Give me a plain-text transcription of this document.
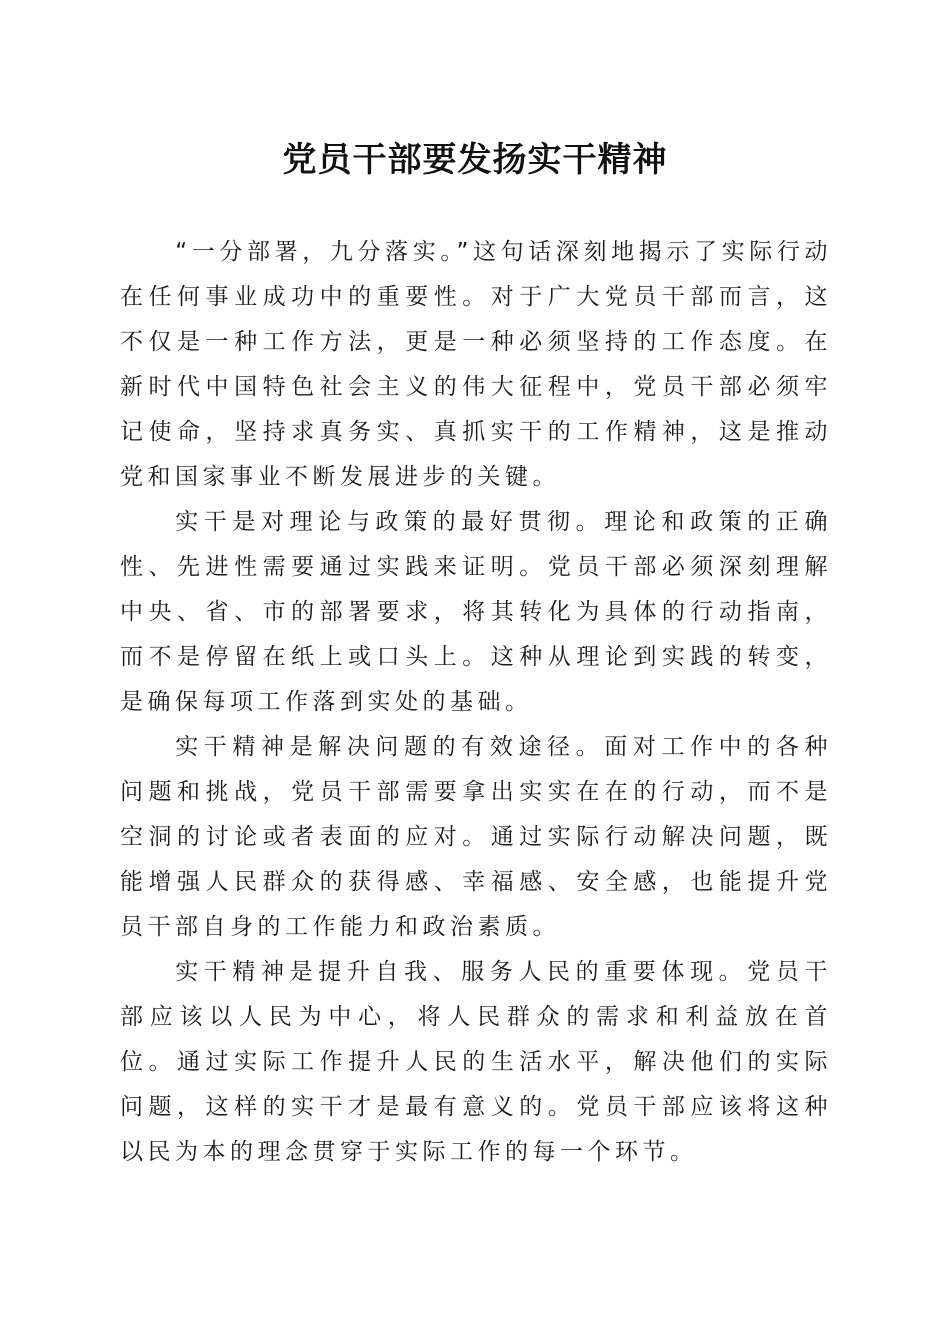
党员干部要发扬实干精神

“一分部署，九分落实。”这句话深刻地揭示了实际行动在任何事业成功中的重要性。对于广大党员干部而言，这不仅是一种工作方法，更是一种必须坚持的工作态度。在新时代中国特色社会主义的伟大征程中，党员干部必须牢记使命，坚持求真务实、真抓实干的工作精神，这是推动党和国家事业不断发展进步的关键。

实干是对理论与政策的最好贯彻。理论和政策的正确性、先进性需要通过实践来证明。党员干部必须深刻理解中央、省、市的部署要求，将其转化为具体的行动指南，而不是停留在纸上或口头上。这种从理论到实践的转变，是确保每项工作落到实处的基础。

实干精神是解决问题的有效途径。面对工作中的各种问题和挑战，党员干部需要拿出实实在在的行动，而不是空洞的讨论或者表面的应对。通过实际行动解决问题，既能增强人民群众的获得感、幸福感、安全感，也能提升党员干部自身的工作能力和政治素质。

实干精神是提升自我、服务人民的重要体现。党员干部应该以人民为中心，将人民群众的需求和利益放在首位。通过实际工作提升人民的生活水平，解决他们的实际问题，这样的实干才是最有意义的。党员干部应该将这种以民为本的理念贯穿于实际工作的每一个环节。
